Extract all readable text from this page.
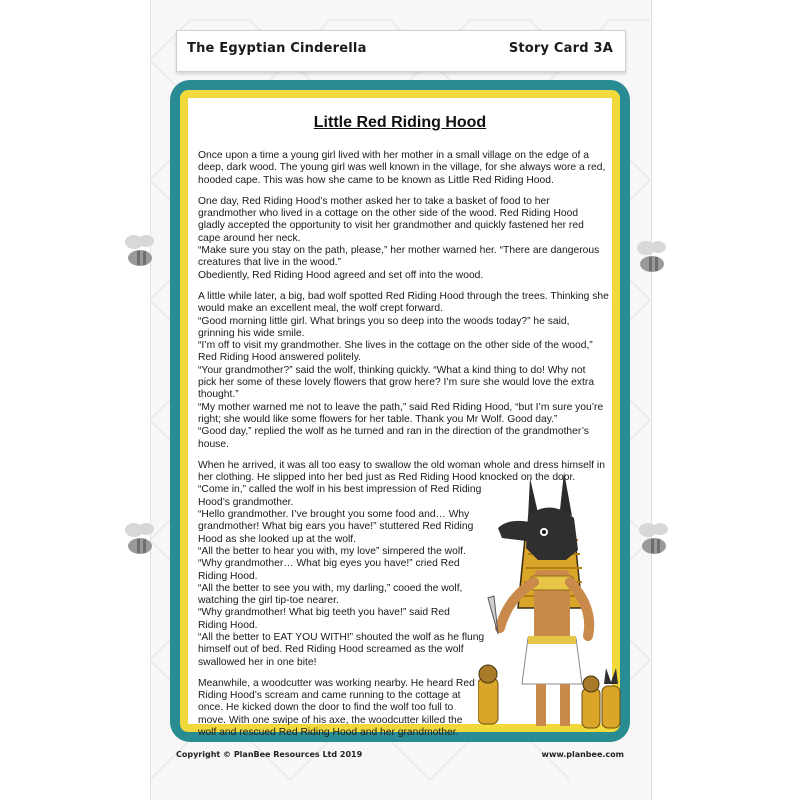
The Egyptian Cinderella	Story Card 3A
Little Red Riding Hood

Once upon a time a young girl lived with her mother in a small village on the edge of a
deep, dark wood. The young girl was well known in the village, for she always wore a red,
hooded cape. This was how she came to be known as Little Red Riding Hood.

One day, Red Riding Hood’s mother asked her to take a basket of food to her
grandmother who lived in a cottage on the other side of the wood. Red Riding Hood
gladly accepted the opportunity to visit her grandmother and quickly fastened her red
cape around her neck.
“Make sure you stay on the path, please,” her mother warned her. “There are dangerous
creatures that live in the wood.”
Obediently, Red Riding Hood agreed and set off into the wood.

A little while later, a big, bad wolf spotted Red Riding Hood through the trees. Thinking she
would make an excellent meal, the wolf crept forward.
“Good morning little girl. What brings you so deep into the woods today?” he said,
grinning his wide smile.
“I’m off to visit my grandmother. She lives in the cottage on the other side of the wood,”
Red Riding Hood answered politely.
“Your grandmother?” said the wolf, thinking quickly. “What a kind thing to do! Why not
pick her some of these lovely flowers that grow here? I’m sure she would love the extra
thought.”
“My mother warned me not to leave the path,” said Red Riding Hood, “but I’m sure you’re
right; she would like some flowers for her table. Thank you Mr Wolf. Good day.”
“Good day,” replied the wolf as he turned and ran in the direction of the grandmother’s
house.

When he arrived, it was all too easy to swallow the old woman whole and dress himself in
her clothing. He slipped into her bed just as Red Riding Hood knocked on the door.
“Come in,” called the wolf in his best impression of Red Riding
Hood’s grandmother.
“Hello grandmother. I’ve brought you some food and… Why
grandmother! What big ears you have!” stuttered Red Riding
Hood as she looked up at the wolf.
“All the better to hear you with, my love” simpered the wolf.
“Why grandmother… What big eyes you have!” cried Red
Riding Hood.
“All the better to see you with, my darling,” cooed the wolf,
watching the girl tip-toe nearer.
“Why grandmother! What big teeth you have!” said Red
Riding Hood.
“All the better to EAT YOU WITH!” shouted the wolf as he flung
himself out of bed. Red Riding Hood screamed as the wolf
swallowed her in one bite!

Meanwhile, a woodcutter was working nearby. He heard Red
Riding Hood’s scream and came running to the cottage at
once. He kicked down the door to find the wolf too full to
move. With one swipe of his axe, the woodcutter killed the
wolf and rescued Red Riding Hood and her grandmother.

Copyright © PlanBee Resources Ltd 2019	www.planbee.com
